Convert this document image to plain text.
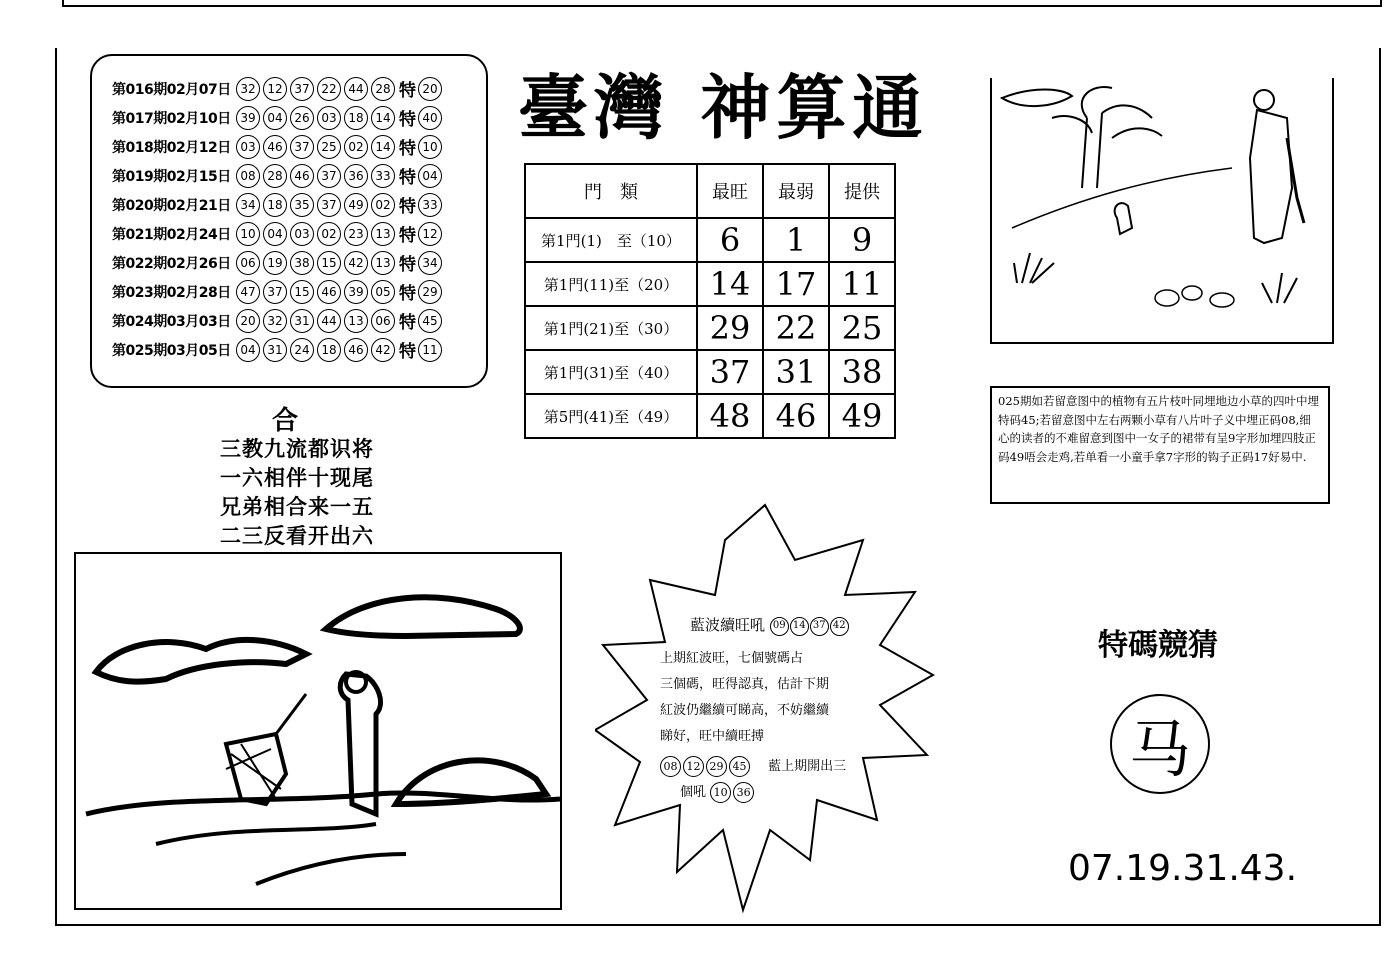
第016期02月07日 32 12 37 22 44 28 特 20
第017期02月10日 39 04 26 03 18 14 特 40
第018期02月12日 03 46 37 25 02 14 特 10
第019期02月15日 08 28 46 37 36 33 特 04
第020期02月21日 34 18 35 37 49 02 特 33
第021期02月24日 10 04 03 02 23 13 特 12
第022期02月26日 06 19 38 15 42 13 特 34
第023期02月28日 47 37 15 46 39 05 特 29
第024期03月03日 20 32 31 44 13 06 特 45
第025期03月05日 04 31 24 18 46 42 特 11
臺灣 神算通
門　類	最旺	最弱	提供
第1門(1)　至（10）	6	1	9
第1門(11)至（20）	14	17	11
第1門(21)至（30）	29	22	25
第1門(31)至（40）	37	31	38
第5門(41)至（49）	48	46	49
合
三教九流都识将
一六相伴十现尾
兄弟相合来一五
二三反看开出六
025期如若留意图中的植物有五片枝叶同埋地边小草的四叶中埋特码45;若留意图中左右两颗小草有八片叶子义中埋正码08,细心的读者的不难留意到图中一女子的裙带有呈9字形加埋四肢正码49唔会走鸡,若单看一小童手拿7字形的钩子正码17好易中.
藍波續旺吼 09 14 37 42
上期紅波旺，七個號碼占
三個碼，旺得認真，估計下期
紅波仍繼續可睇高，不妨繼續
睇好，旺中續旺搏
08 12 29 45 藍上期開出三
個吼 10 36
特碼競猜
马
07.19.31.43.
